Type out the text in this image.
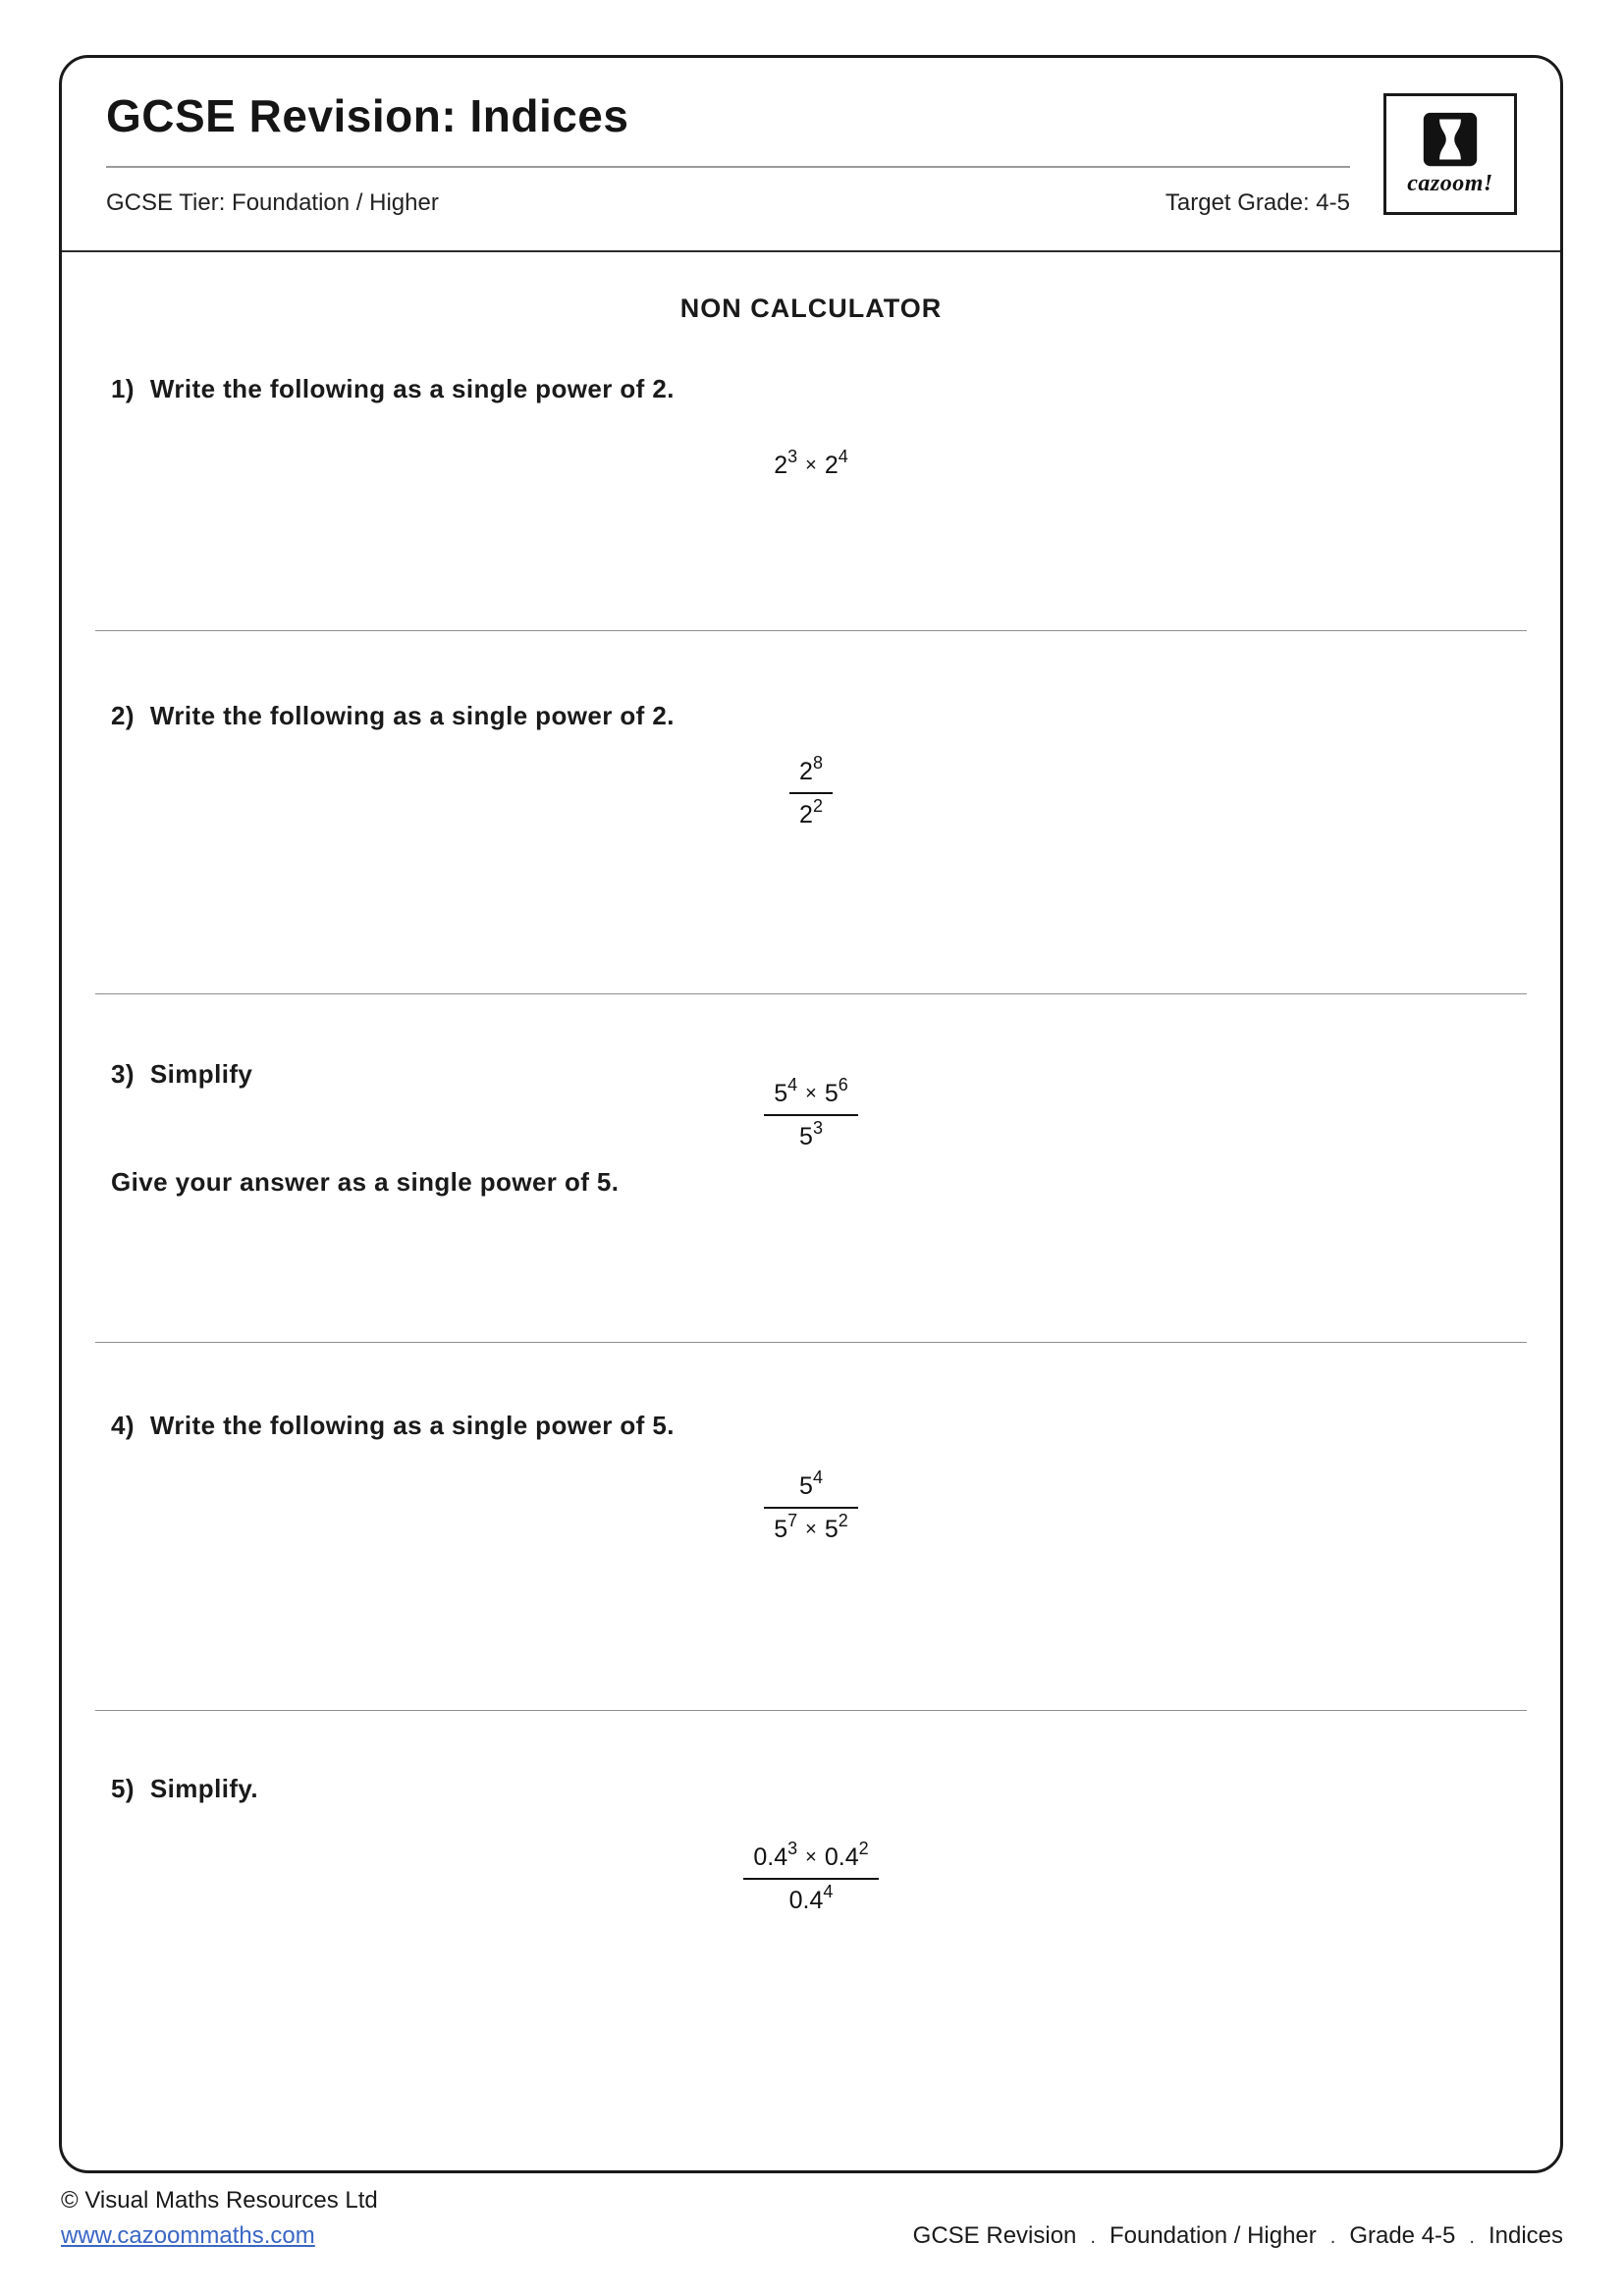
GCSE Revision: Indices
GCSE Tier: Foundation / Higher	Target Grade: 4-5
cazoom!
NON CALCULATOR
1) Write the following as a single power of 2.
$2^3 \times 2^4$
2) Write the following as a single power of 2.
$\frac{2^8}{2^2}$
3) Simplify
$\frac{5^4 \times 5^6}{5^3}$
Give your answer as a single power of 5.
4) Write the following as a single power of 5.
$\frac{5^4}{5^7 \times 5^2}$
5) Simplify.
$\frac{0.4^3 \times 0.4^2}{0.4^4}$
© Visual Maths Resources Ltd
www.cazoommaths.com	GCSE Revision . Foundation / Higher . Grade 4-5 . Indices
